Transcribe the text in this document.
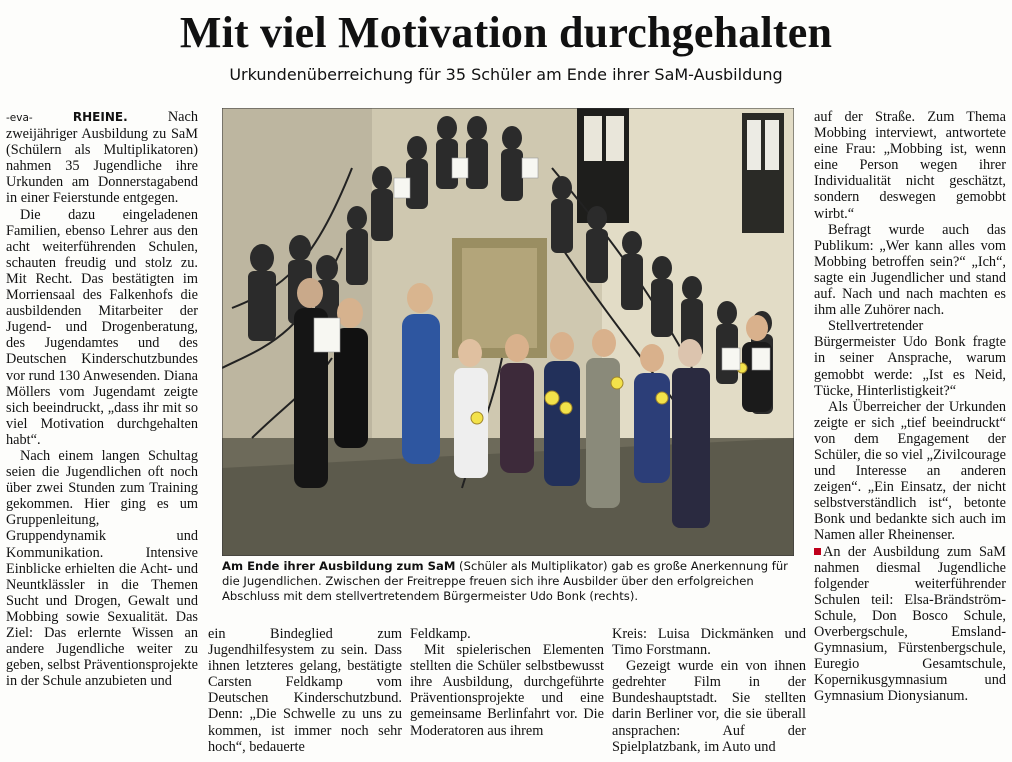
Mit viel Motivation durchgehalten

Urkundenüberreichung für 35 Schüler am Ende ihrer SaM-Ausbildung

-eva-	RHEINE.	Nach zweijähriger Ausbildung zu SaM (Schülern als Multiplikatoren) nahmen 35 Jugendliche ihre Urkunden am Donnerstagabend in einer Feierstunde entgegen.

Die dazu eingeladenen Familien, ebenso Lehrer aus den acht weiterführenden Schulen, schauten freudig und stolz zu. Mit Recht. Das bestätigten im Morriensaal des Falkenhofs die ausbildenden Mitarbeiter der Jugend- und Drogenberatung, des Jugendamtes und des Deutschen Kinderschutzbundes vor rund 130 Anwesenden. Diana Möllers vom Jugendamt zeigte sich beeindruckt, „dass ihr mit so viel Motivation durchgehalten habt“.

Nach einem langen Schultag seien die Jugendlichen oft noch über zwei Stunden zum Training gekommen. Hier ging es um Gruppenleitung, Gruppendynamik und Kommunikation. Intensive Einblicke erhielten die Acht- und Neuntklässler in die Themen Sucht und Drogen, Gewalt und Mobbing sowie Sexualität. Das Ziel: Das erlernte Wissen an andere Jugendliche weiter zu geben, selbst Präventionsprojekte in der Schule anzubieten und

Am Ende ihrer Ausbildung zum SaM (Schüler als Multiplikator) gab es große Anerkennung für die Jugendlichen. Zwischen der Freitreppe freuen sich ihre Ausbilder über den erfolgreichen Abschluss mit dem stellvertretendem Bürgermeister Udo Bonk (rechts).

ein Bindeglied zum Jugendhilfesystem zu sein. Dass ihnen letzteres gelang, bestätigte Carsten Feldkamp vom Deutschen Kinderschutzbund. Denn: „Die Schwelle zu uns zu kommen, ist immer noch sehr hoch“, bedauerte

Feldkamp.

Mit spielerischen Elementen stellten die Schüler selbstbewusst ihre Ausbildung, durchgeführte Präventionsprojekte und eine gemeinsame Berlinfahrt vor. Die Moderatoren aus ihrem

Kreis: Luisa Dickmänken und Timo Forstmann.

Gezeigt wurde ein von ihnen gedrehter Film in der Bundeshauptstadt. Sie stellten darin Berliner vor, die sie überall ansprachen: Auf der Spielplatzbank, im Auto und

auf der Straße. Zum Thema Mobbing interviewt, antwortete eine Frau: „Mobbing ist, wenn eine Person wegen ihrer Individualität nicht geschätzt, sondern deswegen gemobbt wirbt.“

Befragt wurde auch das Publikum: „Wer kann alles vom Mobbing betroffen sein?“ „Ich“, sagte ein Jugendlicher und stand auf. Nach und nach machten es ihm alle Zuhörer nach.

Stellvertretender Bürgermeister Udo Bonk fragte in seiner Ansprache, warum gemobbt werde: „Ist es Neid, Tücke, Hinterlistigkeit?“

Als Überreicher der Urkunden zeigte er sich „tief beeindruckt“ von dem Engagement der Schüler, die so viel „Zivilcourage und Interesse an anderen zeigen“. „Ein Einsatz, der nicht selbstverständlich ist“, betonte Bonk und bedankte sich auch im Namen aller Rheinenser.

An der Ausbildung zum SaM nahmen diesmal Jugendliche folgender weiterführender Schulen teil: Elsa-Brändström-Schule, Don Bosco Schule, Overbergschule, Emsland-Gymnasium, Fürstenbergschule, Euregio Gesamtschule, Kopernikusgymnasium und Gymnasium Dionysianum.
